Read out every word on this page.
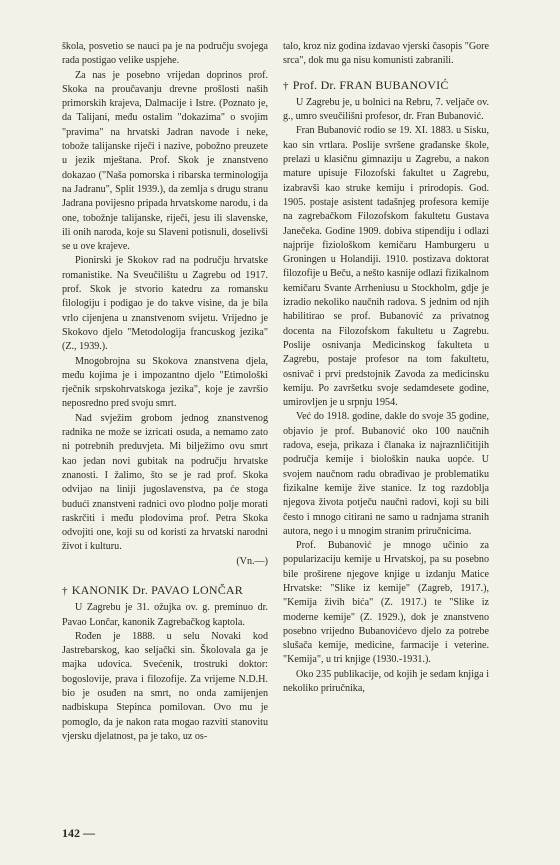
škola, posvetio se nauci pa je na području svojega rada postigao velike uspjehe.

Za nas je posebno vrijedan doprinos prof. Skoka na proučavanju drevne prošlosti naših primorskih krajeva, Dalmacije i Istre. (Poznato je, da Talijani, među ostalim "dokazima" o svojim "pravima" na hrvatski Jadran navode i neke, tobože talijanske riječi i nazive, pobožno preuzete u jezik mještana. Prof. Skok je znanstveno dokazao ("Naša pomorska i ribarska terminologija na Jadranu", Split 1939.), da zemlja s drugu stranu Jadrana povijesno pripada hrvatskome narodu, i da one, tobožnje talijanske, riječi, jesu ili slavenske, ili onih naroda, koje su Slaveni potisnuli, doselivši se u ove krajeve.

Pionirski je Skokov rad na području hrvatske romanistike. Na Sveučilištu u Zagrebu od 1917. prof. Skok je stvorio katedru za romansku filologiju i podigao je do takve visine, da je bila vrlo cijenjena u znanstvenom svijetu. Vrijedno je Skokovo djelo "Metodologija francuskog jezika" (Z., 1939.).

Mnogobrojna su Skokova znanstvena djela, među kojima je i impozantno djelo "Etimološki rječnik srpskohrvatskoga jezika", koje je završio neposredno pred svoju smrt.

Nad svježim grobom jednog znanstvenog radnika ne može se izricati osuda, a nemamo zato ni potrebnih preduvjeta. Mi bilježimo ovu smrt kao jedan novi gubitak na području hrvatske znanosti. I žalimo, što se je rad prof. Skoka odvijao na liniji jugoslavenstva, pa će stoga budući znanstveni radnici ovo plodno polje morati raskrčiti i među plodovima prof. Petra Skoka odvojiti one, koji su od koristi za hrvatski narodni život i kulturu.

(Vn.—)

† KANONIK Dr. PAVAO LONČAR

U Zagrebu je 31. ožujka ov. g. preminuo dr. Pavao Lončar, kanonik Zagrebačkog kaptola.

Rođen je 1888. u selu Novaki kod Jastrebarskog, kao seljački sin. Školovala ga je majka udovica. Svećenik, trostruki doktor: bogoslovije, prava i filozofije. Za vrijeme N.D.H. bio je osuđen na smrt, no onda zamijenjen nadbiskupa Stepinca pomilovan. Ovo mu je pomoglo, da je nakon rata mogao razviti stanovitu vjersku djelatnost, pa je tako, uz os-

talo, kroz niz godina izdavao vjerski časopis "Gore srca", dok mu ga nisu komunisti zabranili.

† Prof. Dr. FRAN BUBANOVIĆ

U Zagrebu je, u bolnici na Rebru, 7. veljače ov. g., umro sveučilišni profesor, dr. Fran Bubanović.

Fran Bubanović rodio se 19. XI. 1883. u Sisku, kao sin vrtlara. Poslije svršene građanske škole, prelazi u klasičnu gimnaziju u Zagrebu, a nakon mature upisuje Filozofski fakultet u Zagrebu, izabravši kao struke kemiju i prirodopis. God. 1905. postaje asistent tadašnjeg profesora kemije na zagrebačkom Filozofskom fakultetu Gustava Janečeka. Godine 1909. dobiva stipendiju i odlazi najprije fiziološkom kemičaru Hamburgeru u Groningen u Holandiji. 1910. postizava doktorat filozofije u Beču, a nešto kasnije odlazi fizikalnom kemičaru Svante Arrheniusu u Stockholm, gdje je izradio nekoliko naučnih radova. S jednim od njih habilitirao se prof. Bubanović za privatnog docenta na Filozofskom fakultetu u Zagrebu. Poslije osnivanja Medicinskog fakulteta u Zagrebu, postaje profesor na tom fakultetu, osnivač i prvi predstojnik Zavoda za medicinsku kemiju. Po završetku svoje sedamdesete godine, umirovljen je u srpnju 1954.

Već do 1918. godine, dakle do svoje 35 godine, objavio je prof. Bubanović oko 100 naučnih radova, eseja, prikaza i članaka iz najraznličitijih područja kemije i biološkin nauka uopće. U svojem naučnom radu obrađivao je problematiku fizikalne kemije žive stanice. Iz tog razdoblja njegova života potječu naučni radovi, koji su bili često i mnogo citirani ne samo u radnjama stranih autora, nego i u mnogim stranim priručnicima.

Prof. Bubanović je mnogo učinio za popularizaciju kemije u Hrvatskoj, pa su posebno bile proširene njegove knjige u izdanju Matice Hrvatske: "Slike iz kemije" (Zagreb, 1917.), "Kemija živih bića" (Z. 1917.) te "Slike iz moderne kemije" (Z. 1929.), dok je znanstveno posebno vrijedno Bubanovićevo djelo za potrebe slušača kemije, medicine, farmacije i veterine. "Kemija", u tri knjige (1930.-1931.).

Oko 235 publikacije, od kojih je sedam knjiga i nekoliko priručnika,

142 —
